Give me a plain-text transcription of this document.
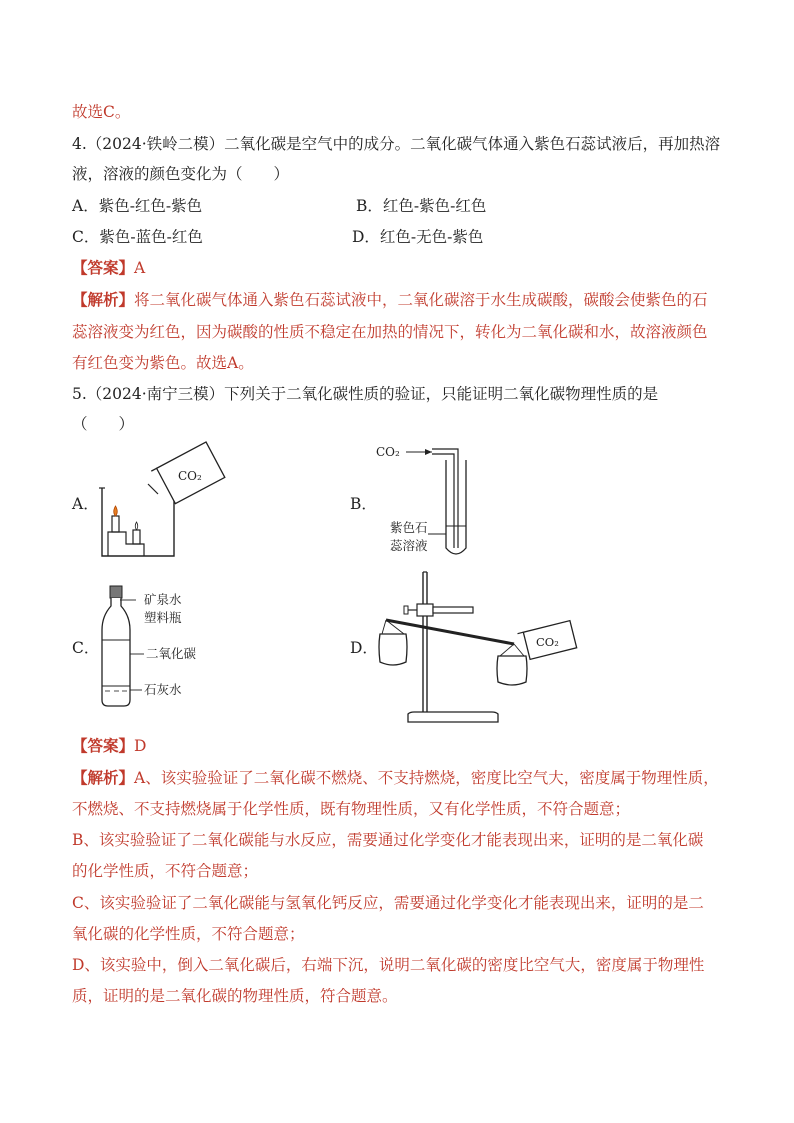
故选C。
4.（2024·铁岭二模）二氧化碳是空气中的成分。二氧化碳气体通入紫色石蕊试液后，再加热溶
液，溶液的颜色变化为（　　）
A．紫色-红色-紫色	B．红色-紫色-红色
C．紫色-蓝色-红色	D．红色-无色-紫色
【答案】A
【解析】将二氧化碳气体通入紫色石蕊试液中，二氧化碳溶于水生成碳酸，碳酸会使紫色的石
蕊溶液变为红色，因为碳酸的性质不稳定在加热的情况下，转化为二氧化碳和水，故溶液颜色
有红色变为紫色。故选A。
5.（2024·南宁三模）下列关于二氧化碳性质的验证，只能证明二氧化碳物理性质的是
（　　）
A．
CO₂
B．
CO₂
紫色石
蕊溶液
C．
矿泉水
塑料瓶
二氧化碳
石灰水
D．	CO₂
【答案】D
【解析】A、该实验验证了二氧化碳不燃烧、不支持燃烧，密度比空气大，密度属于物理性质，
不燃烧、不支持燃烧属于化学性质，既有物理性质，又有化学性质，不符合题意；
B、该实验验证了二氧化碳能与水反应，需要通过化学变化才能表现出来，证明的是二氧化碳
的化学性质，不符合题意；
C、该实验验证了二氧化碳能与氢氧化钙反应，需要通过化学变化才能表现出来，证明的是二
氧化碳的化学性质，不符合题意；
D、该实验中，倒入二氧化碳后，右端下沉，说明二氧化碳的密度比空气大，密度属于物理性
质，证明的是二氧化碳的物理性质，符合题意。
